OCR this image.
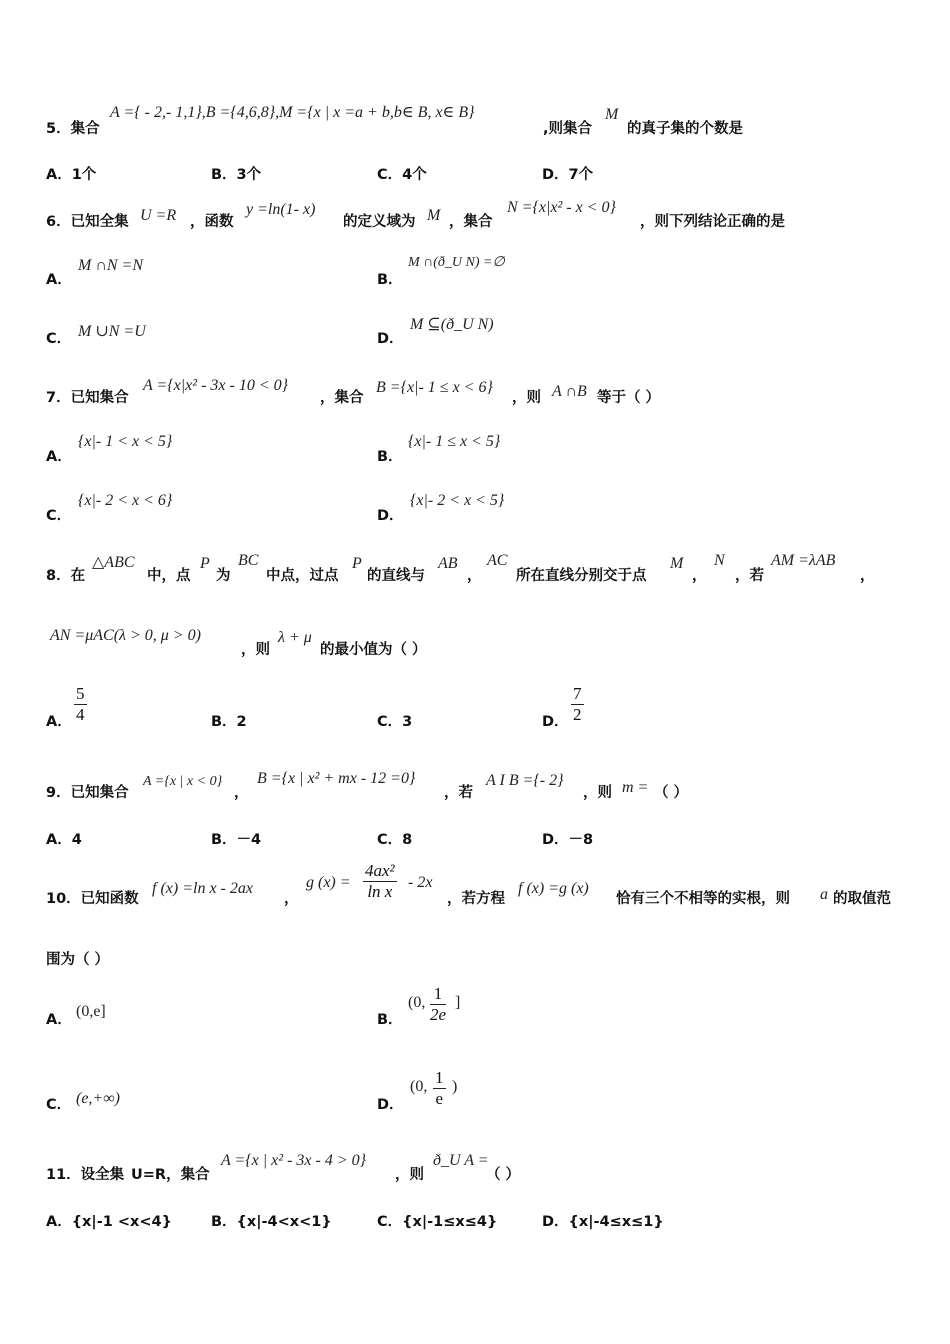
5．集合
A ={ - 2,- 1,1},B ={4,6,8},M ={x | x =a + b,b∈ B, x∈ B}
,则集合
M
的真子集的个数是
A．1个	B．3个	C．4个	D．7个
6．已知全集 U =R ，函数
y =ln(1- x)
的定义域为 M ，集合
N ={x|x² - x < 0}
，则下列结论正确的是
A．
M ∩N =N
B．
M ∩(ð_U N) =∅
C． M ∪N =U	D．
M ⊆(ð_U N)
7．已知集合
A ={x|x² - 3x - 10 < 0}
，集合
B ={x|- 1 ≤ x < 6}
，则 A ∩B 等于（ ）
A．
{x|- 1 < x < 5}
B．
{x|- 1 ≤ x < 5}
C．
{x|- 2 < x < 6}
D．
{x|- 2 < x < 5}
8．在
△ABC
中，点
P
为
BC
中点，过点
P
的直线与
AB
，
AC
所在直线分别交于点
M
，
N
，若
AM =λAB
，
AN =μAC(λ > 0, μ > 0)
，则
λ + μ
的最小值为（ ）
A． $\frac{5}{4}$	B．2	C．3	D． $\frac{7}{2}$
9．已知集合
A ={x | x < 0}
，
B ={x | x² + mx - 12 =0}
，若
A I B ={- 2}
，则 m = （ ）
A．4	B．－4	C．8	D．－8
10．已知函数
f (x) =ln x - 2ax
，
g $(x) = \frac{\text{4ax²}}{\text{ln x}} - 2x$
，若方程
f (x) =g (x)
恰有三个不相等的实根，则 a 的取值范
围为（ ）
A． (0,e]	B．
(0, $\frac{1}{2e}$ ]
C． (e,+∞)	D．
(0, $\frac{1}{e}$ )
11．设全集 U=R，集合
A ={x | x² - 3x - 4 > 0}
，则
ð_U A =
（ ）
A．{x|-1 <x<4}	B．{x|-4<x<1}	C．{x|-1≤x≤4}	D．{x|-4≤x≤1}
